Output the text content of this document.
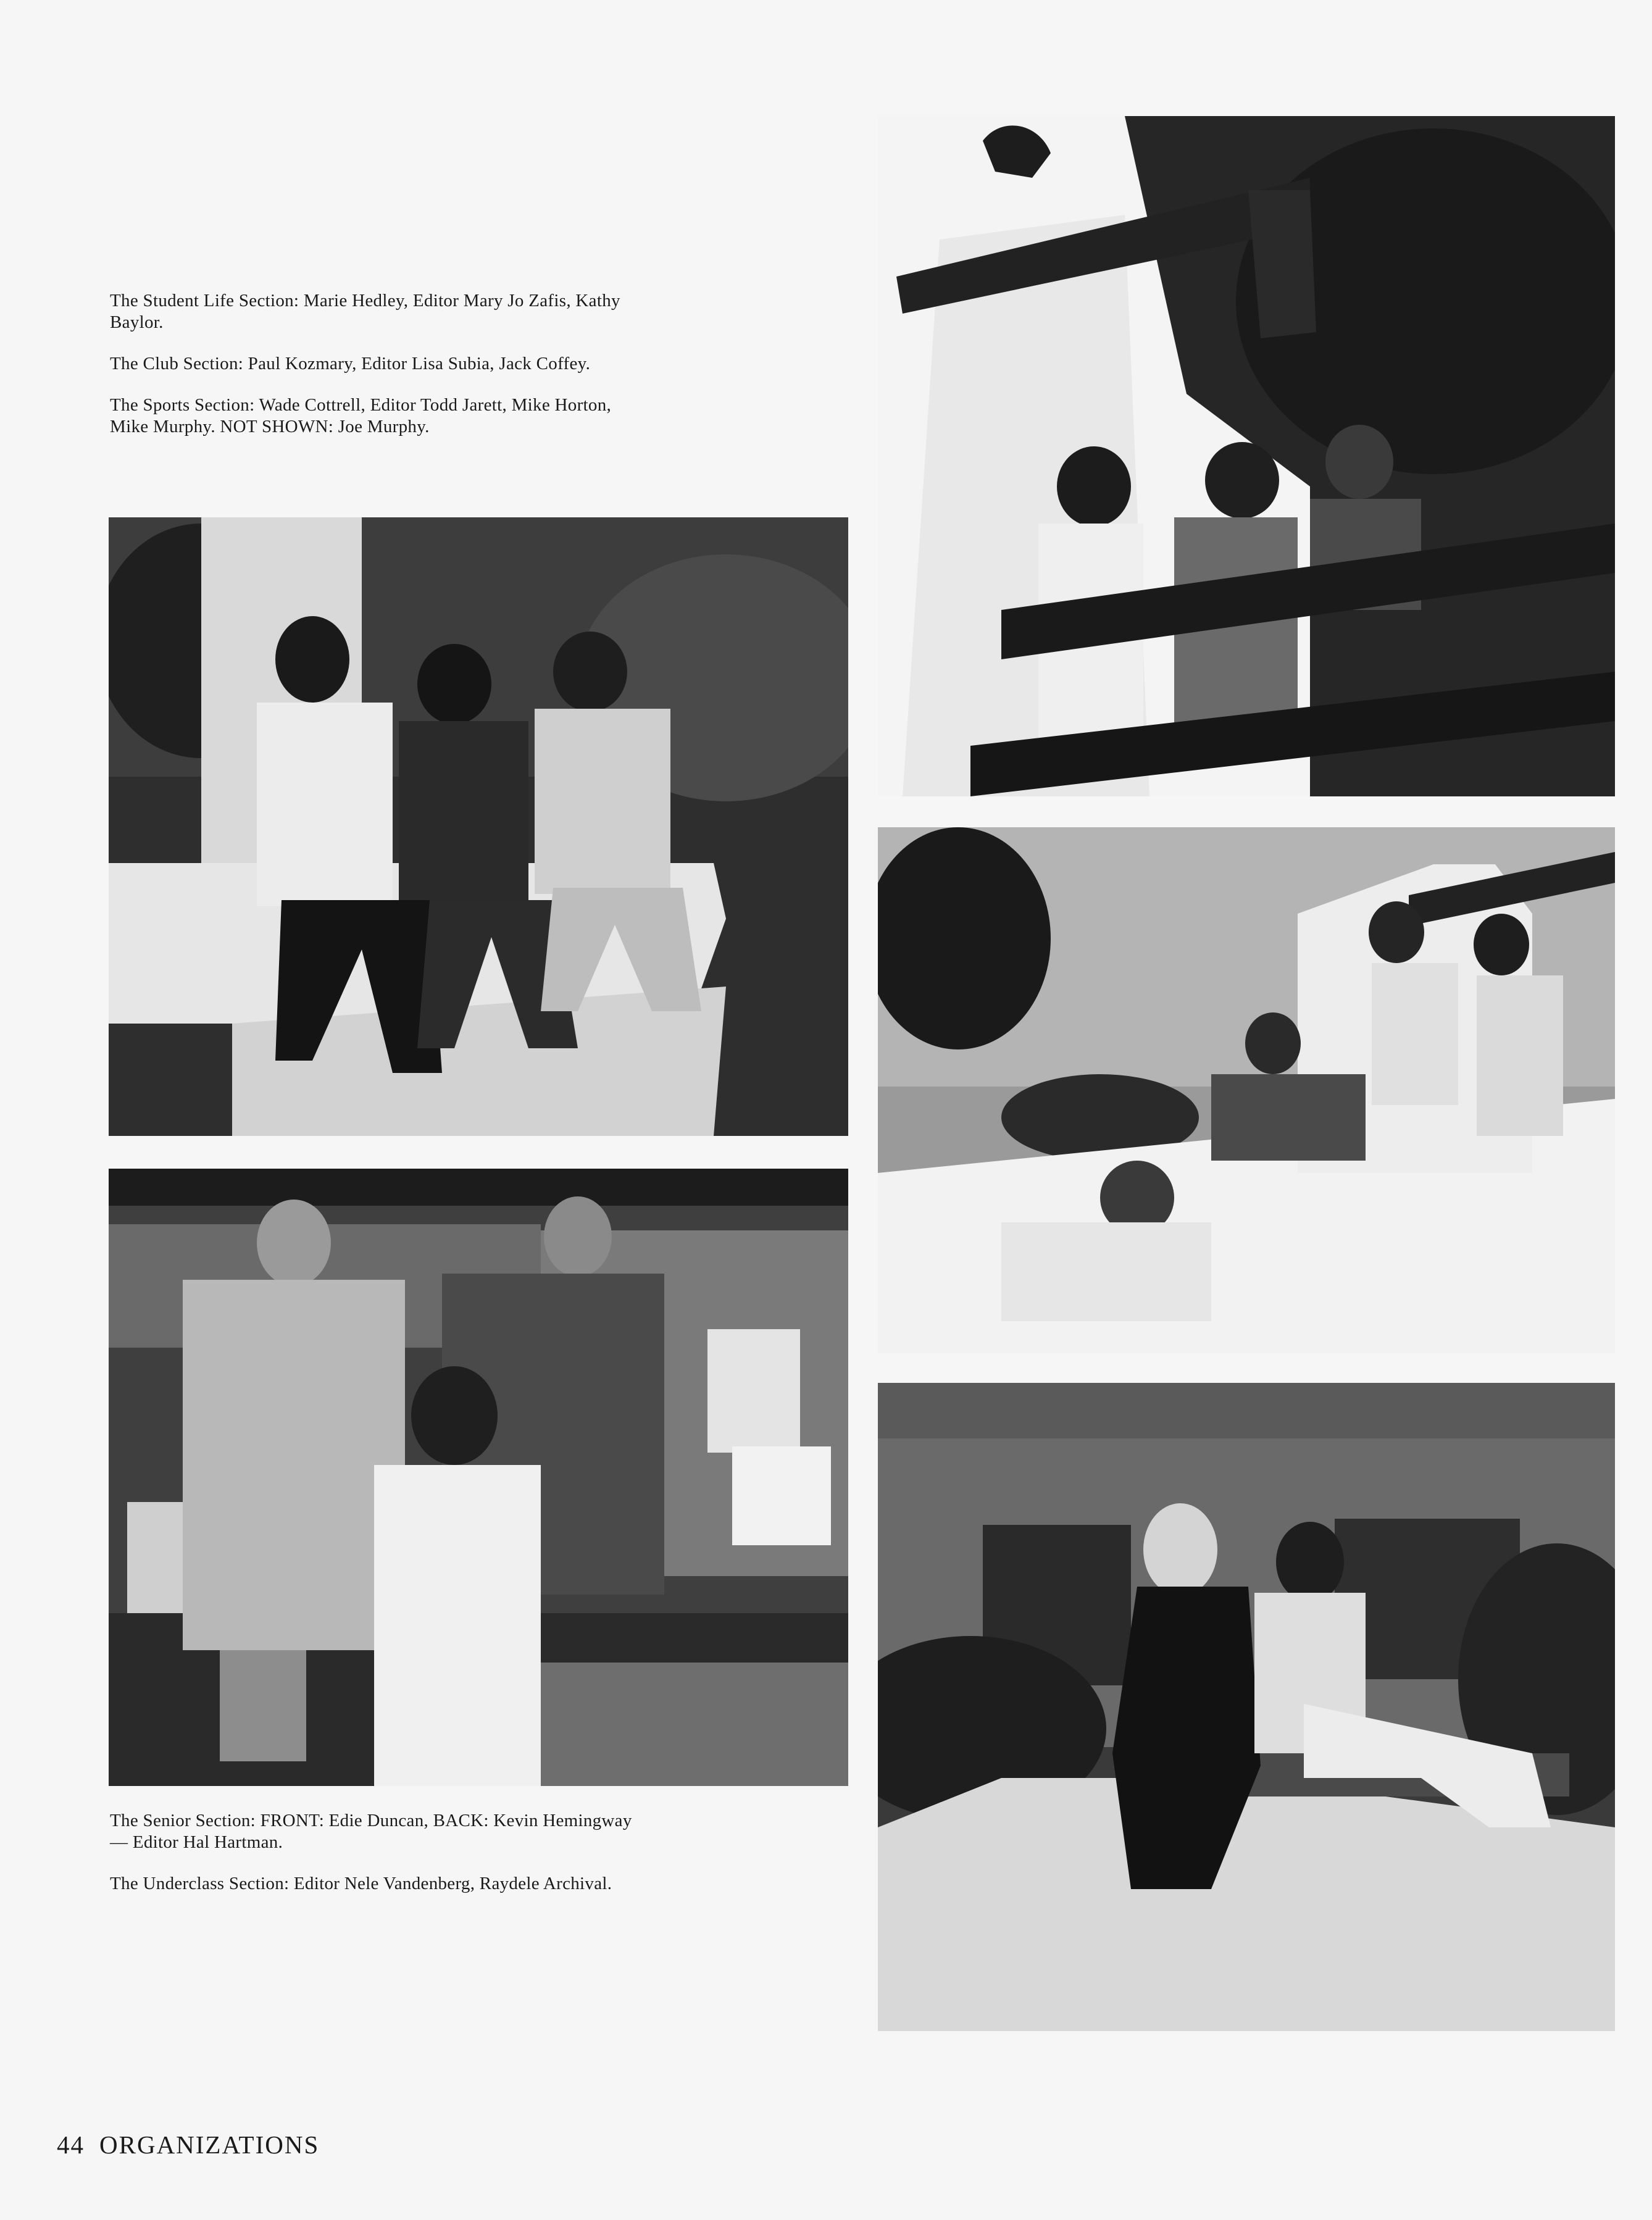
The Student Life Section: Marie Hedley, Editor Mary Jo Zafis, Kathy Baylor.

The Club Section: Paul Kozmary, Editor Lisa Subia, Jack Coffey.

The Sports Section: Wade Cottrell, Editor Todd Jarett, Mike Horton, Mike Murphy. NOT SHOWN: Joe Murphy.

The Senior Section: FRONT: Edie Duncan, BACK: Kevin Hemingway — Editor Hal Hartman.

The Underclass Section: Editor Nele Vandenberg, Raydele Archival.

44 ORGANIZATIONS
